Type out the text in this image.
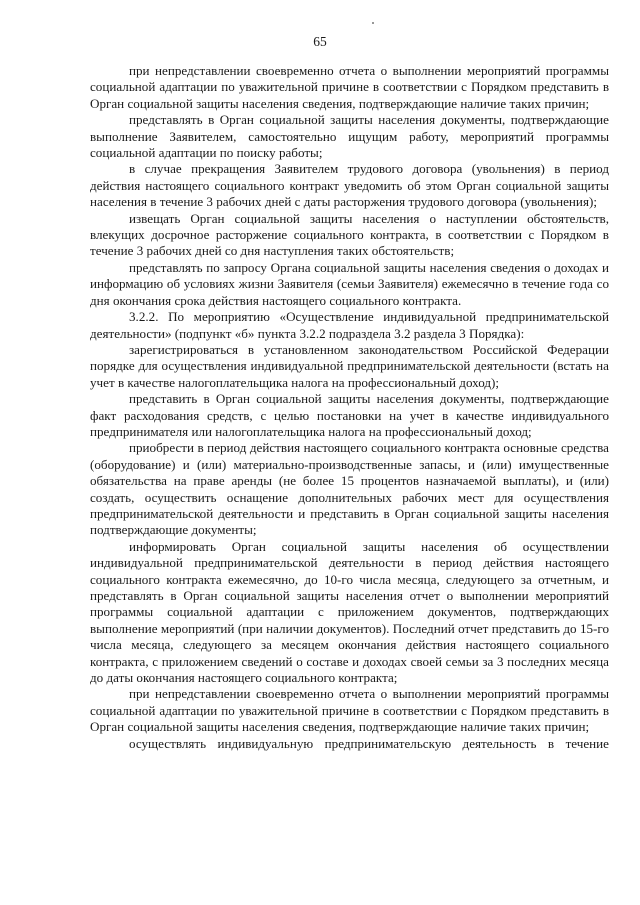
65

при непредставлении своевременно отчета о выполнении мероприятий программы социальной адаптации по уважительной причине в соответствии с Порядком представить в Орган социальной защиты населения сведения, подтверждающие наличие таких причин;

представлять в Орган социальной защиты населения документы, подтверждающие выполнение Заявителем, самостоятельно ищущим работу, мероприятий программы социальной адаптации по поиску работы;

в случае прекращения Заявителем трудового договора (увольнения) в период действия настоящего социального контракт уведомить об этом Орган социальной защиты населения в течение 3 рабочих дней с даты расторжения трудового договора (увольнения);

извещать Орган социальной защиты населения о наступлении обстоятельств, влекущих досрочное расторжение социального контракта, в соответствии с Порядком в течение 3 рабочих дней со дня наступления таких обстоятельств;

представлять по запросу Органа социальной защиты населения сведения о доходах и информацию об условиях жизни Заявителя (семьи Заявителя) ежемесячно в течение года со дня окончания срока действия настоящего социального контракта.

3.2.2. По мероприятию «Осуществление индивидуальной предпринимательской деятельности» (подпункт «б» пункта 3.2.2 подраздела 3.2 раздела 3 Порядка):

зарегистрироваться в установленном законодательством Российской Федерации порядке для осуществления индивидуальной предпринимательской деятельности (встать на учет в качестве налогоплательщика налога на профессиональный доход);

представить в Орган социальной защиты населения документы, подтверждающие факт расходования средств, с целью постановки на учет в качестве индивидуального предпринимателя или налогоплательщика налога на профессиональный доход;

приобрести в период действия настоящего социального контракта основные средства (оборудование) и (или) материально-производственные запасы, и (или) имущественные обязательства на праве аренды (не более 15 процентов назначаемой выплаты), и (или) создать, осуществить оснащение дополнительных рабочих мест для осуществления предпринимательской деятельности и представить в Орган социальной защиты населения подтверждающие документы;

информировать Орган социальной защиты населения об осуществлении индивидуальной предпринимательской деятельности в период действия настоящего социального контракта ежемесячно, до 10-го числа месяца, следующего за отчетным, и представлять в Орган социальной защиты населения отчет о выполнении мероприятий программы социальной адаптации с приложением документов, подтверждающих выполнение мероприятий (при наличии документов). Последний отчет представить до 15-го числа месяца, следующего за месяцем окончания действия настоящего социального контракта, с приложением сведений о составе и доходах своей семьи за 3 последних месяца до даты окончания настоящего социального контракта;

при непредставлении своевременно отчета о выполнении мероприятий программы социальной адаптации по уважительной причине в соответствии с Порядком представить в Орган социальной защиты населения сведения, подтверждающие наличие таких причин;

осуществлять индивидуальную предпринимательскую деятельность в течение
